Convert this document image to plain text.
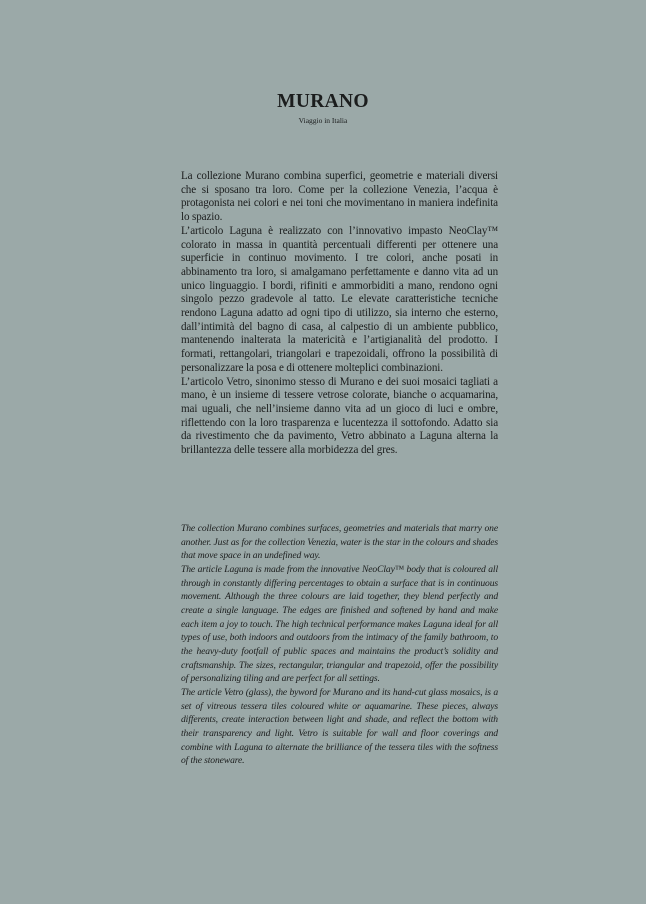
MURANO
Viaggio in Italia

La collezione Murano combina superfici, geometrie e materiali diversi che si sposano tra loro. Come per la collezione Venezia, l’acqua è protagonista nei colori e nei toni che movimentano in maniera indefinita lo spazio.

L’articolo Laguna è realizzato con l’innovativo impasto NeoClay™ colorato in massa in quantità percentuali differenti per ottenere una superficie in continuo movimento. I tre colori, anche posati in abbinamento tra loro, si amalgamano perfettamente e danno vita ad un unico linguaggio. I bordi, rifiniti e ammorbiditi a mano, rendono ogni singolo pezzo gradevole al tatto. Le elevate caratteristiche tecniche rendono Laguna adatto ad ogni tipo di utilizzo, sia interno che esterno, dall’intimità del bagno di casa, al calpestio di un ambiente pubblico, mantenendo inalterata la matericità e l’artigianalità del prodotto. I formati, rettangolari, triangolari e trapezoidali, offrono la possibilità di personalizzare la posa e di ottenere molteplici combinazioni.

L’articolo Vetro, sinonimo stesso di Murano e dei suoi mosaici tagliati a mano, è un insieme di tessere vetrose colorate, bianche o acquamarina, mai uguali, che nell’insieme danno vita ad un gioco di luci e ombre, riflettendo con la loro trasparenza e lucentezza il sottofondo. Adatto sia da rivestimento che da pavimento, Vetro abbinato a Laguna alterna la brillantezza delle tessere alla morbidezza del gres.

The collection Murano combines surfaces, geometries and materials that marry one another. Just as for the collection Venezia, water is the star in the colours and shades that move space in an undefined way.

The article Laguna is made from the innovative NeoClay™ body that is coloured all through in constantly differing percentages to obtain a surface that is in continuous movement. Although the three colours are laid together, they blend perfectly and create a single language. The edges are finished and softened by hand and make each item a joy to touch. The high technical performance makes Laguna ideal for all types of use, both indoors and outdoors from the intimacy of the family bathroom, to the heavy-duty footfall of public spaces and maintains the product’s solidity and craftsmanship. The sizes, rectangular, triangular and trapezoid, offer the possibility of personalizing tiling and are perfect for all settings.

The article Vetro (glass), the byword for Murano and its hand-cut glass mosaics, is a set of vitreous tessera tiles coloured white or aquamarine. These pieces, always differents, create interaction between light and shade, and reflect the bottom with their transparency and light. Vetro is suitable for wall and floor coverings and combine with Laguna to alternate the brilliance of the tessera tiles with the softness of the stoneware.
